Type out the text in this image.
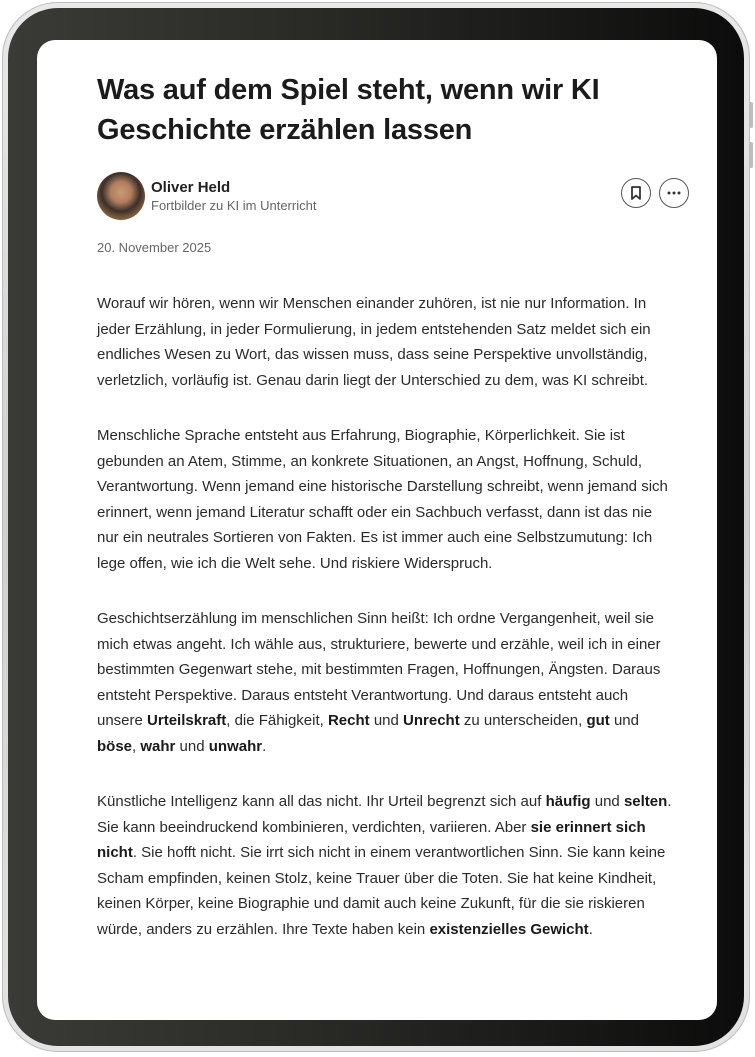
Was auf dem Spiel steht, wenn wir KI Geschichte erzählen lassen
Oliver Held
Fortbilder zu KI im Unterricht
20. November 2025

Worauf wir hören, wenn wir Menschen einander zuhören, ist nie nur Information. In jeder Erzählung, in jeder Formulierung, in jedem entstehenden Satz meldet sich ein endliches Wesen zu Wort, das wissen muss, dass seine Perspektive unvollständig, verletzlich, vorläufig ist. Genau darin liegt der Unterschied zu dem, was KI schreibt.

Menschliche Sprache entsteht aus Erfahrung, Biographie, Körperlichkeit. Sie ist gebunden an Atem, Stimme, an konkrete Situationen, an Angst, Hoffnung, Schuld, Verantwortung. Wenn jemand eine historische Darstellung schreibt, wenn jemand sich erinnert, wenn jemand Literatur schafft oder ein Sachbuch verfasst, dann ist das nie nur ein neutrales Sortieren von Fakten. Es ist immer auch eine Selbstzumutung: Ich lege offen, wie ich die Welt sehe. Und riskiere Widerspruch.

Geschichtserzählung im menschlichen Sinn heißt: Ich ordne Vergangenheit, weil sie mich etwas angeht. Ich wähle aus, strukturiere, bewerte und erzähle, weil ich in einer bestimmten Gegenwart stehe, mit bestimmten Fragen, Hoffnungen, Ängsten. Daraus entsteht Perspektive. Daraus entsteht Verantwortung. Und daraus entsteht auch unsere Urteilskraft, die Fähigkeit, Recht und Unrecht zu unterscheiden, gut und böse, wahr und unwahr.

Künstliche Intelligenz kann all das nicht. Ihr Urteil begrenzt sich auf häufig und selten. Sie kann beeindruckend kombinieren, verdichten, variieren. Aber sie erinnert sich nicht. Sie hofft nicht. Sie irrt sich nicht in einem verantwortlichen Sinn. Sie kann keine Scham empfinden, keinen Stolz, keine Trauer über die Toten. Sie hat keine Kindheit, keinen Körper, keine Biographie und damit auch keine Zukunft, für die sie riskieren würde, anders zu erzählen. Ihre Texte haben kein existenzielles Gewicht.
